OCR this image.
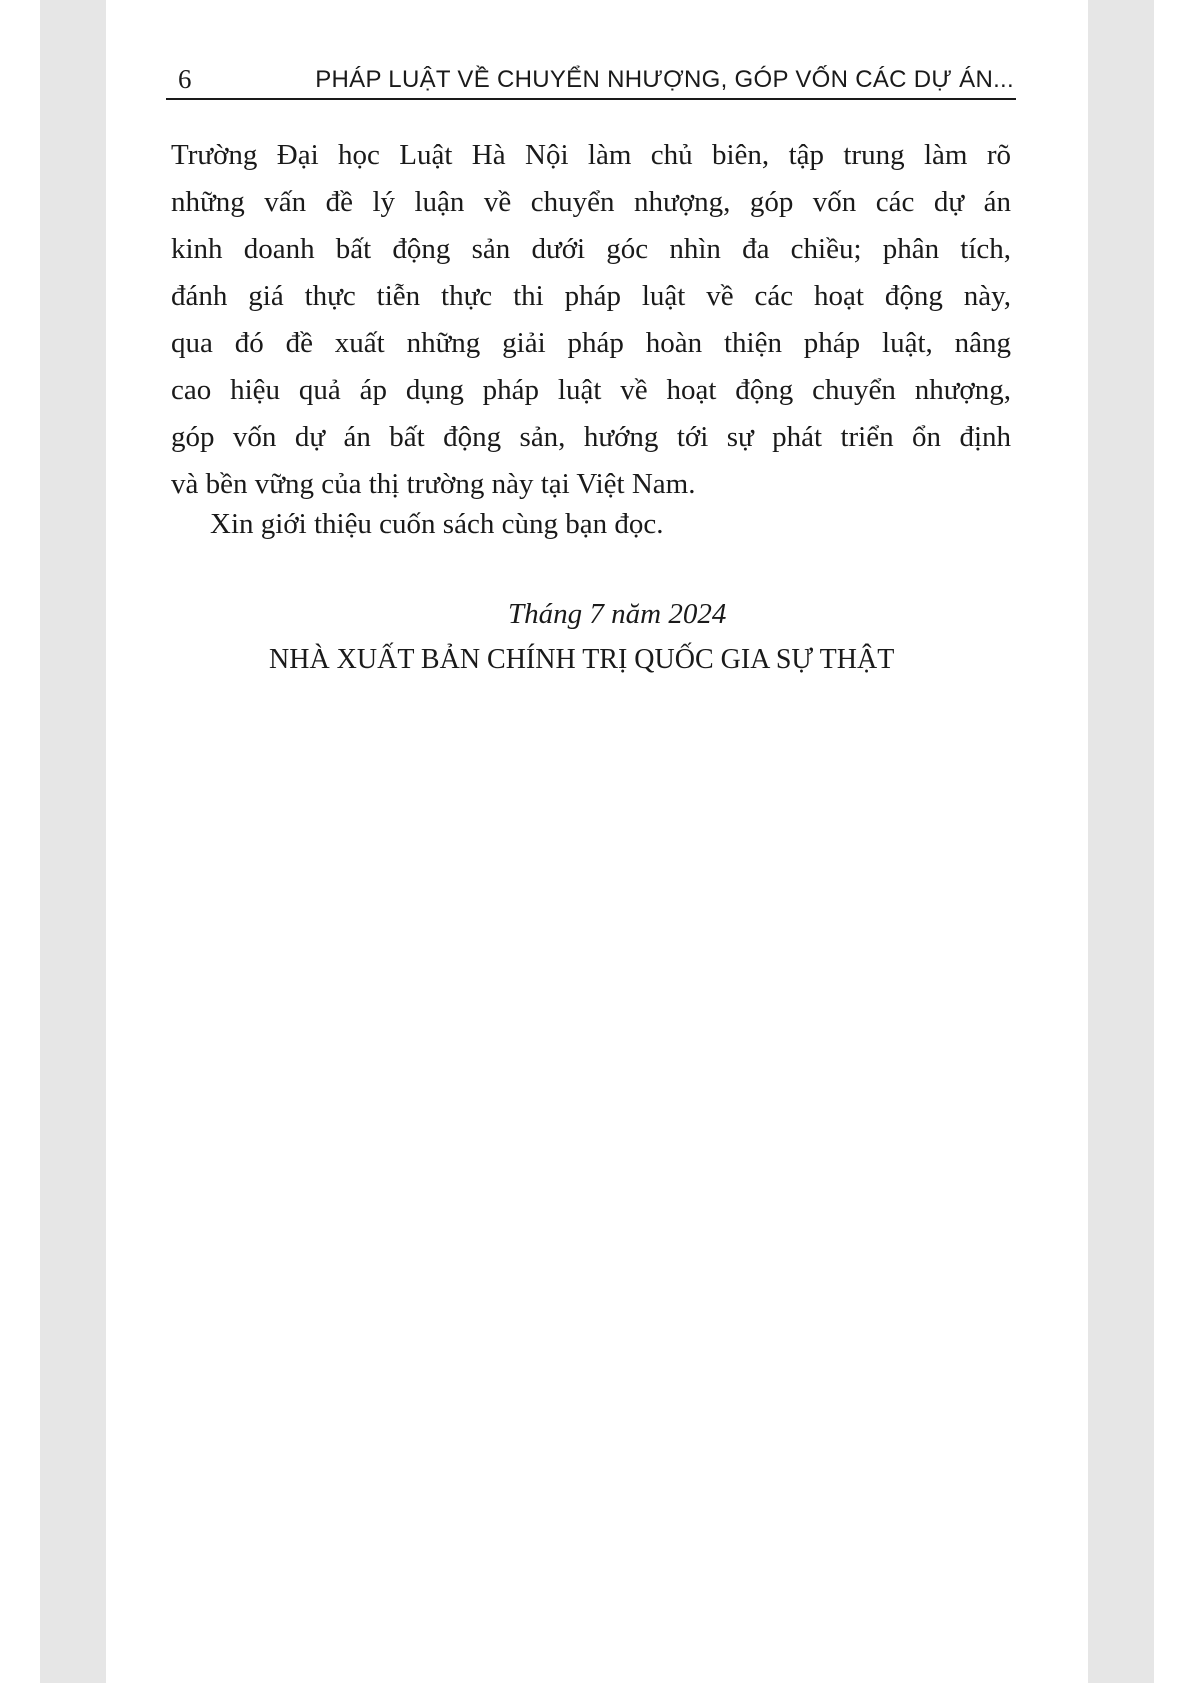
6	PHÁP LUẬT VỀ CHUYỂN NHƯỢNG, GÓP VỐN CÁC DỰ ÁN...
Trường Đại học Luật Hà Nội làm chủ biên, tập trung làm rõ
những vấn đề lý luận về chuyển nhượng, góp vốn các dự án
kinh doanh bất động sản dưới góc nhìn đa chiều; phân tích,
đánh giá thực tiễn thực thi pháp luật về các hoạt động này,
qua đó đề xuất những giải pháp hoàn thiện pháp luật, nâng
cao hiệu quả áp dụng pháp luật về hoạt động chuyển nhượng,
góp vốn dự án bất động sản, hướng tới sự phát triển ổn định
và bền vững của thị trường này tại Việt Nam.
Xin giới thiệu cuốn sách cùng bạn đọc.
Tháng 7 năm 2024
NHÀ XUẤT BẢN CHÍNH TRỊ QUỐC GIA SỰ THẬT
